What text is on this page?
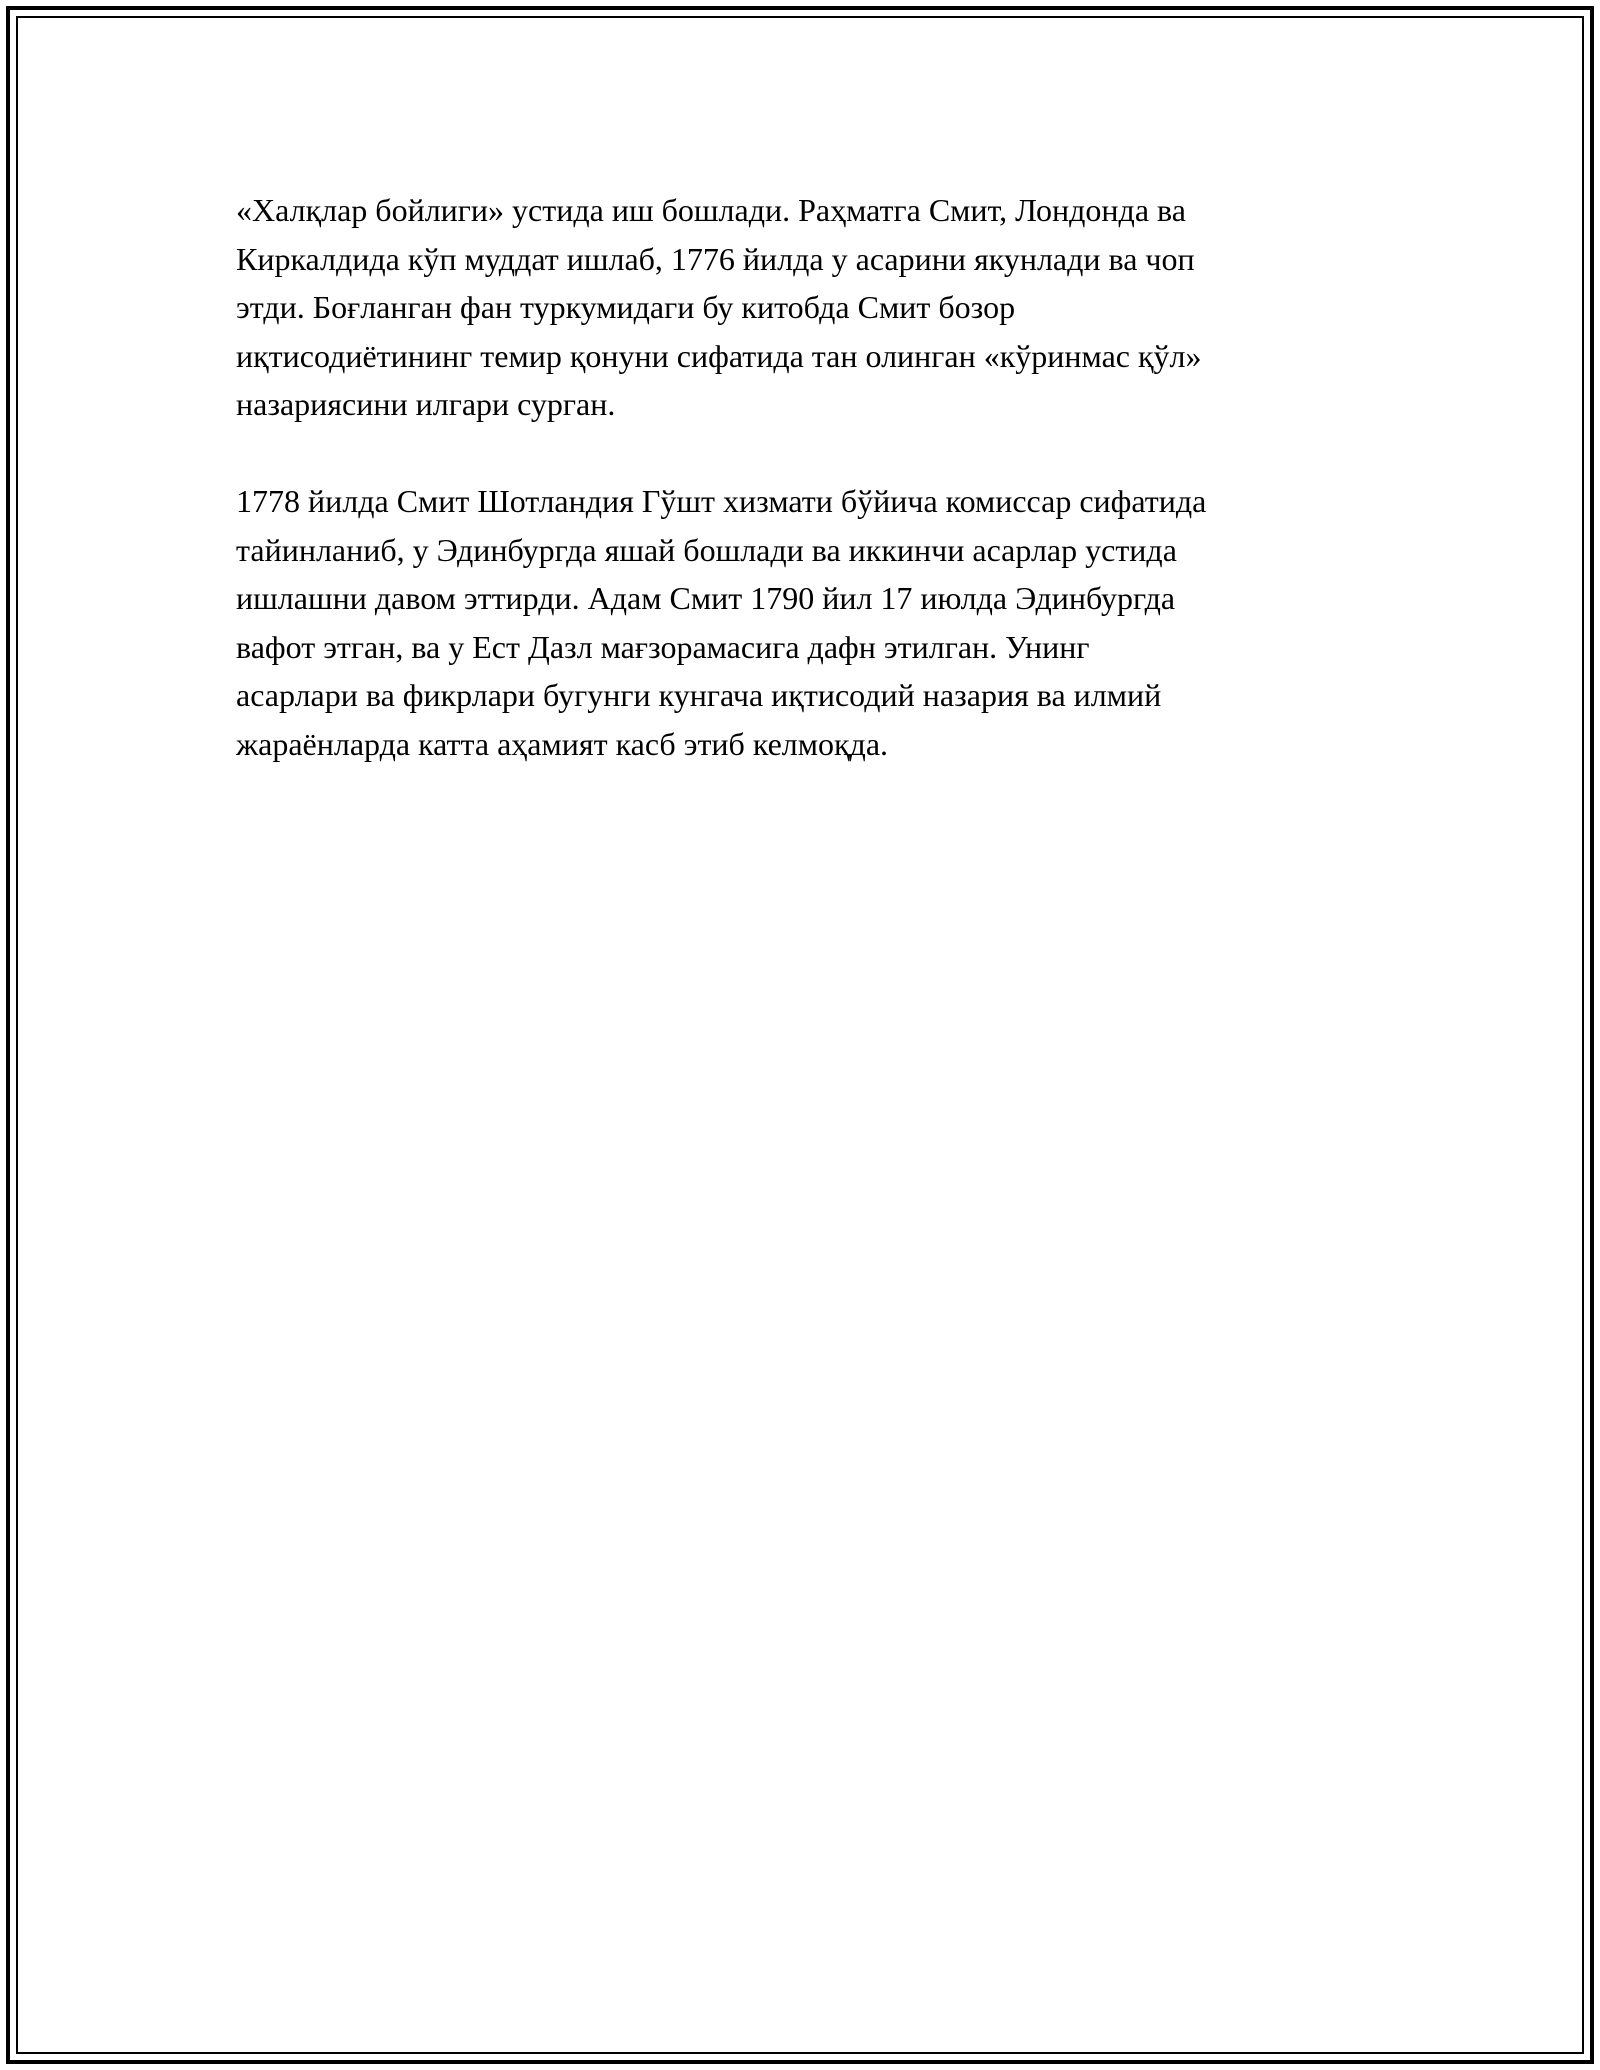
«Халқлар бойлиги» устида иш бошлади. Раҳматга Смит, Лондонда ва
Киркалдида кўп муддат ишлаб, 1776 йилда у асарини якунлади ва чоп
этди. Боғланган фан туркумидаги бу китобда Смит бозор
иқтисодиётининг темир қонуни сифатида тан олинган «кўринмас қўл»
назариясини илгари сурган.

1778 йилда Смит Шотландия Гўшт хизмати бўйича комиссар сифатида
тайинланиб, у Эдинбургда яшай бошлади ва иккинчи асарлар устида
ишлашни давом эттирди. Адам Смит 1790 йил 17 июлда Эдинбургда
вафот этган, ва у Ест Дазл мағзорамасига дафн этилган. Унинг
асарлари ва фикрлари бугунги кунгача иқтисодий назария ва илмий
жараёнларда катта аҳамият касб этиб келмоқда.
